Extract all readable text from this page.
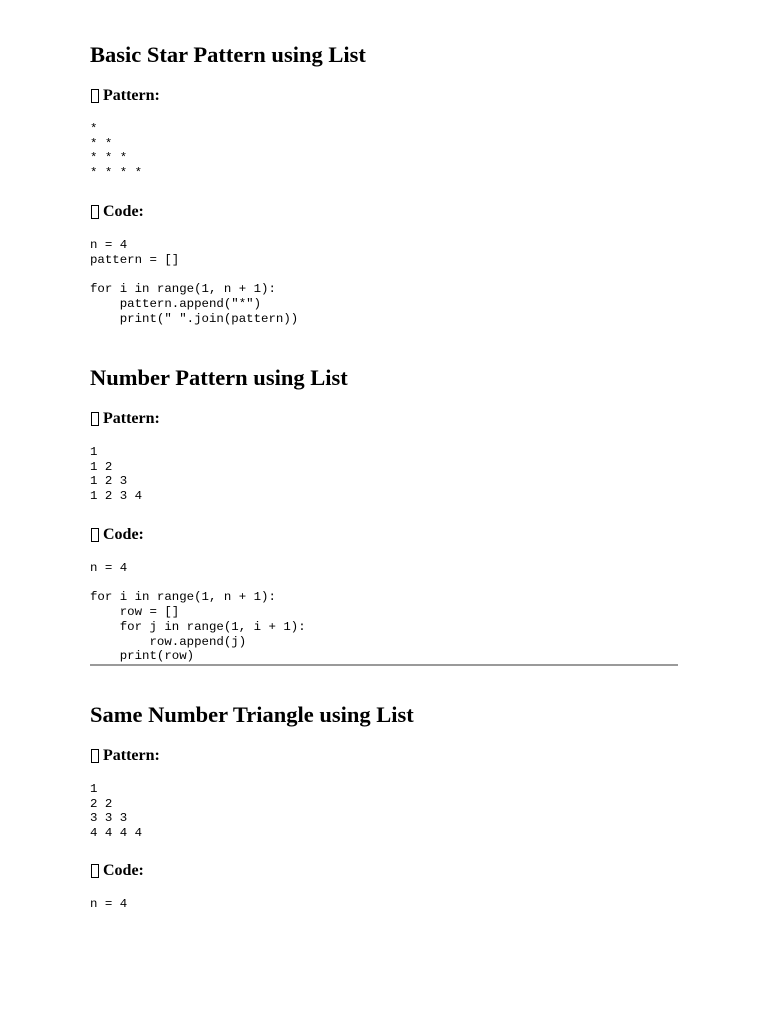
Basic Star Pattern using List
Pattern:
*
* *
* * *
* * * *
Code:
n = 4
pattern = []

for i in range(1, n + 1):
pattern.append("*")
print(" ".join(pattern))
Number Pattern using List
Pattern:
1
1 2
1 2 3
1 2 3 4
Code:
n = 4

for i in range(1, n + 1):
row = []
for j in range(1, i + 1):
row.append(j)
print(row)
Same Number Triangle using List
Pattern:
1
2 2
3 3 3
4 4 4 4
Code:
n = 4
